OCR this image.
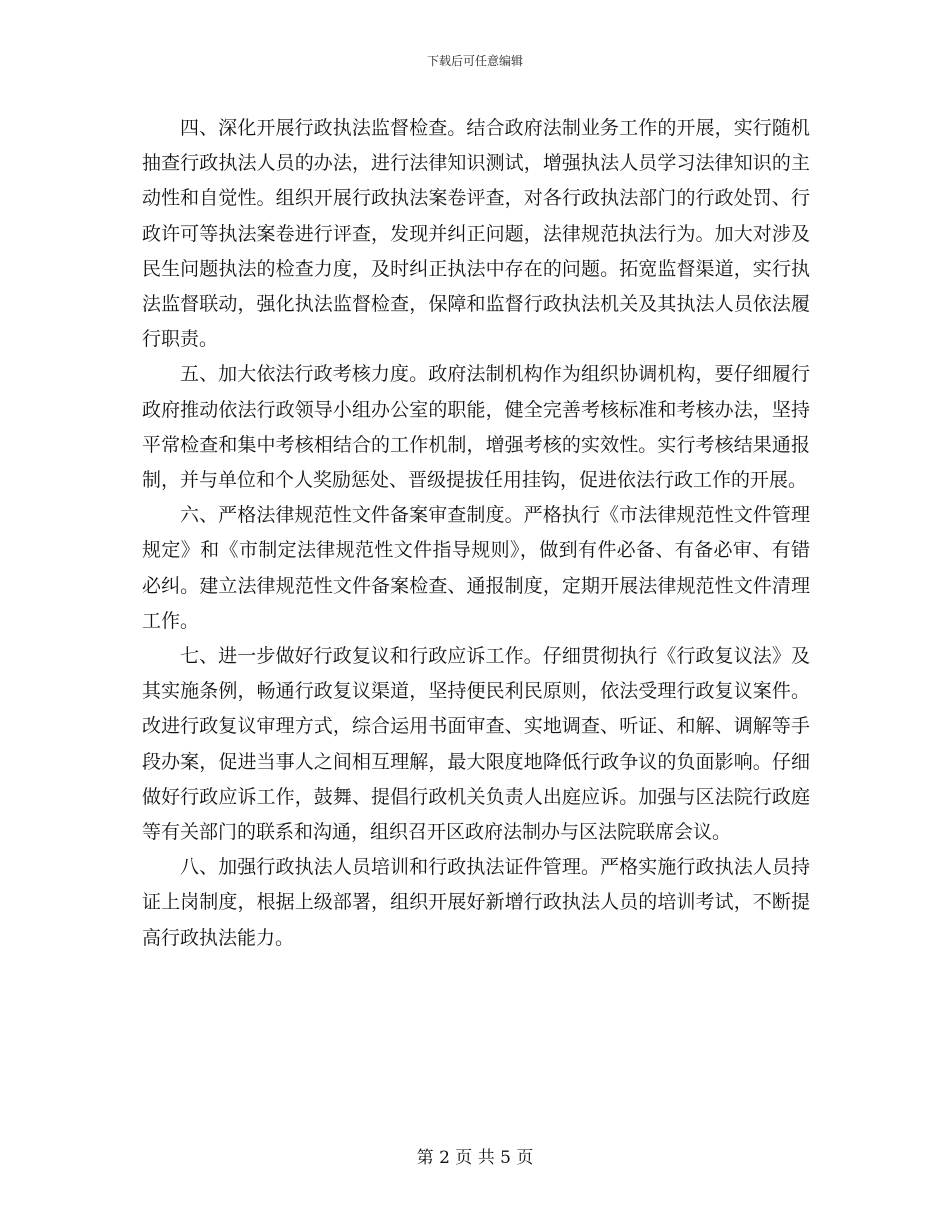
下载后可任意编辑

四、深化开展行政执法监督检查。结合政府法制业务工作的开展，实行随机抽查行政执法人员的办法，进行法律知识测试，增强执法人员学习法律知识的主动性和自觉性。组织开展行政执法案卷评查，对各行政执法部门的行政处罚、行政许可等执法案卷进行评查，发现并纠正问题，法律规范执法行为。加大对涉及民生问题执法的检查力度，及时纠正执法中存在的问题。拓宽监督渠道，实行执法监督联动，强化执法监督检查，保障和监督行政执法机关及其执法人员依法履行职责。

五、加大依法行政考核力度。政府法制机构作为组织协调机构，要仔细履行政府推动依法行政领导小组办公室的职能，健全完善考核标准和考核办法，坚持平常检查和集中考核相结合的工作机制，增强考核的实效性。实行考核结果通报制，并与单位和个人奖励惩处、晋级提拔任用挂钩，促进依法行政工作的开展。

六、严格法律规范性文件备案审查制度。严格执行《市法律规范性文件管理规定》和《市制定法律规范性文件指导规则》，做到有件必备、有备必审、有错必纠。建立法律规范性文件备案检查、通报制度，定期开展法律规范性文件清理工作。

七、进一步做好行政复议和行政应诉工作。仔细贯彻执行《行政复议法》及其实施条例，畅通行政复议渠道，坚持便民利民原则，依法受理行政复议案件。改进行政复议审理方式，综合运用书面审查、实地调查、听证、和解、调解等手段办案，促进当事人之间相互理解，最大限度地降低行政争议的负面影响。仔细做好行政应诉工作，鼓舞、提倡行政机关负责人出庭应诉。加强与区法院行政庭等有关部门的联系和沟通，组织召开区政府法制办与区法院联席会议。

八、加强行政执法人员培训和行政执法证件管理。严格实施行政执法人员持证上岗制度，根据上级部署，组织开展好新增行政执法人员的培训考试，不断提高行政执法能力。

第 2 页 共 5 页
